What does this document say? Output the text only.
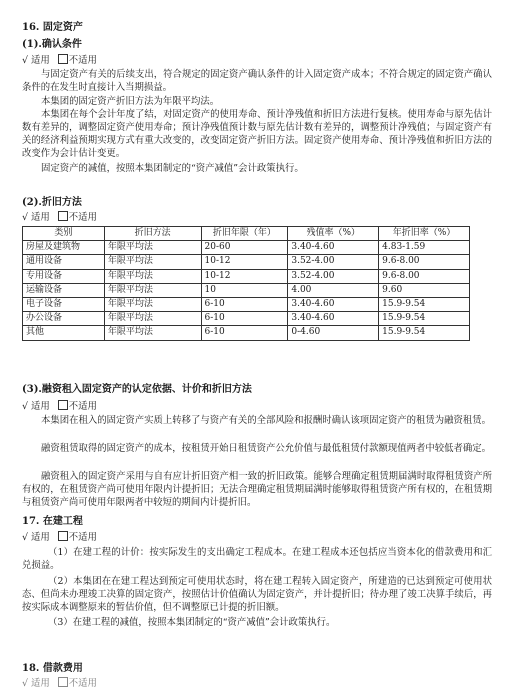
16. 固定资产
(1).确认条件
√ 适用 不适用
与固定资产有关的后续支出，符合规定的固定资产确认条件的计入固定资产成本；不符合规定的固定资产确认条件的在发生时直接计入当期损益。
本集团的固定资产折旧方法为年限平均法。
本集团在每个会计年度了结，对固定资产的使用寿命、预计净残值和折旧方法进行复核。使用寿命与原先估计数有差异的，调整固定资产使用寿命；预计净残值预计数与原先估计数有差异的，调整预计净残值；与固定资产有关的经济利益预期实现方式有重大改变的，改变固定资产折旧方法。固定资产使用寿命、预计净残值和折旧方法的改变作为会计估计变更。
固定资产的减值，按照本集团制定的“资产减值”会计政策执行。
(2).折旧方法
√ 适用 不适用
类别	折旧方法	折旧年限（年）	残值率（%）	年折旧率（%）
房屋及建筑物	年限平均法	20-60	3.40-4.60	4.83-1.59
通用设备	年限平均法	10-12	3.52-4.00	9.6-8.00
专用设备	年限平均法	10-12	3.52-4.00	9.6-8.00
运输设备	年限平均法	10	4.00	9.60
电子设备	年限平均法	6-10	3.40-4.60	15.9-9.54
办公设备	年限平均法	6-10	3.40-4.60	15.9-9.54
其他	年限平均法	6-10	0-4.60	15.9-9.54
(3).融资租入固定资产的认定依据、计价和折旧方法
√ 适用 不适用
本集团在租入的固定资产实质上转移了与资产有关的全部风险和报酬时确认该项固定资产的租赁为融资租赁。
融资租赁取得的固定资产的成本，按租赁开始日租赁资产公允价值与最低租赁付款额现值两者中较低者确定。
融资租入的固定资产采用与自有应计折旧资产相一致的折旧政策。能够合理确定租赁期届满时取得租赁资产所有权的，在租赁资产尚可使用年限内计提折旧；无法合理确定租赁期届满时能够取得租赁资产所有权的，在租赁期与租赁资产尚可使用年限两者中较短的期间内计提折旧。
17. 在建工程
√ 适用 不适用
（1）在建工程的计价：按实际发生的支出确定工程成本。在建工程成本还包括应当资本化的借款费用和汇兑损益。
（2）本集团在在建工程达到预定可使用状态时，将在建工程转入固定资产，所建造的已达到预定可使用状态、但尚未办理竣工决算的固定资产，按照估计价值确认为固定资产，并计提折旧；待办理了竣工决算手续后，再按实际成本调整原来的暂估价值，但不调整原已计提的折旧额。
（3）在建工程的减值，按照本集团制定的“资产减值”会计政策执行。
18. 借款费用
√ 适用 不适用
